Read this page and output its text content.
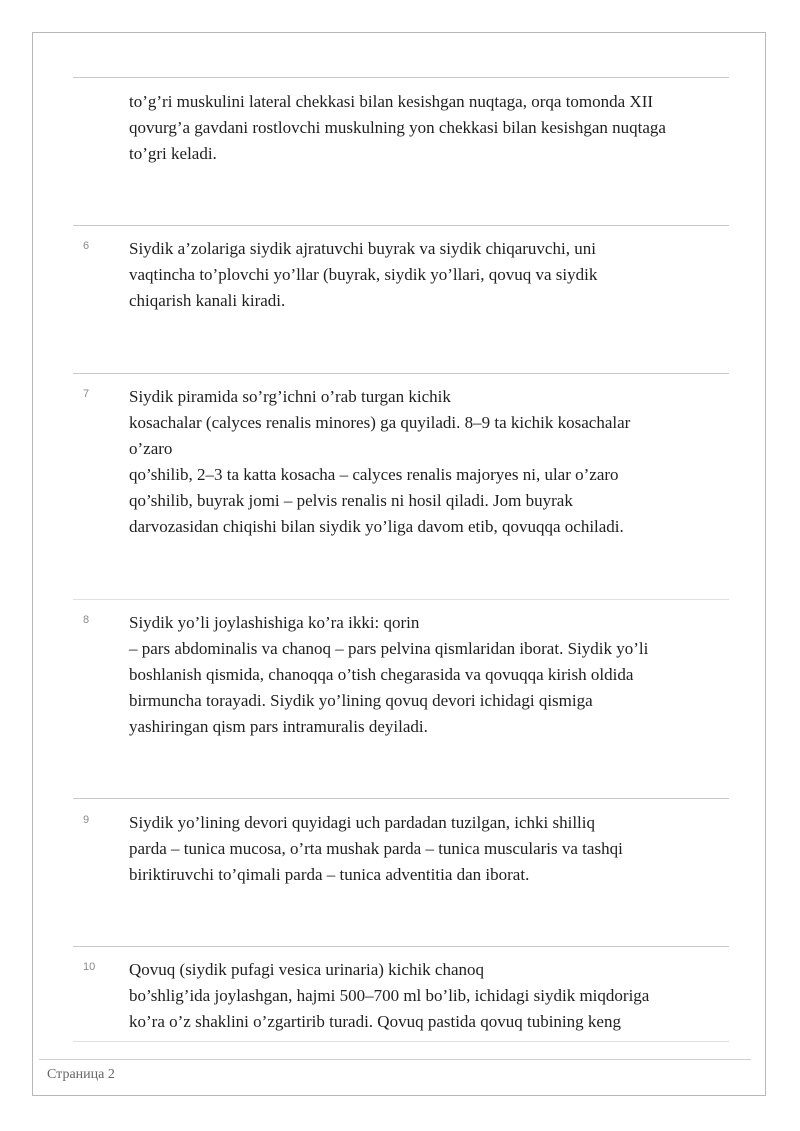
to’g’ri muskulini lateral chekkasi bilan kesishgan nuqtaga, orqa tomonda XII
qovurg’a gavdani rostlovchi muskulning yon chekkasi bilan kesishgan nuqtaga
to’gri keladi.

6 Siydik a’zolariga siydik ajratuvchi buyrak va siydik chiqaruvchi, uni
vaqtincha to’plovchi yo’llar (buyrak, siydik yo’llari, qovuq va siydik
chiqarish kanali kiradi.

7 Siydik piramida so’rg’ichni o’rab turgan kichik
kosachalar (calyces renalis minores) ga quyiladi. 8–9 ta kichik kosachalar
o’zaro
qo’shilib, 2–3 ta katta kosacha – calyces renalis majoryes ni, ular o’zaro
qo’shilib, buyrak jomi – pelvis renalis ni hosil qiladi. Jom buyrak
darvozasidan chiqishi bilan siydik yo’liga davom etib, qovuqqa ochiladi.

8 Siydik yo’li joylashishiga ko’ra ikki: qorin
– pars abdominalis va chanoq – pars pelvina qismlaridan iborat. Siydik yo’li
boshlanish qismida, chanoqqa o’tish chegarasida va qovuqqa kirish oldida
birmuncha torayadi. Siydik yo’lining qovuq devori ichidagi qismiga
yashiringan qism pars intramuralis deyiladi.

9 Siydik yo’lining devori quyidagi uch pardadan tuzilgan, ichki shilliq
parda – tunica mucosa, o’rta mushak parda – tunica muscularis va tashqi
biriktiruvchi to’qimali parda – tunica adventitia dan iborat.

10 Qovuq (siydik pufagi vesica urinaria) kichik chanoq
bo’shlig’ida joylashgan, hajmi 500–700 ml bo’lib, ichidagi siydik miqdoriga
ko’ra o’z shaklini o’zgartirib turadi. Qovuq pastida qovuq tubining keng

Страница 2
